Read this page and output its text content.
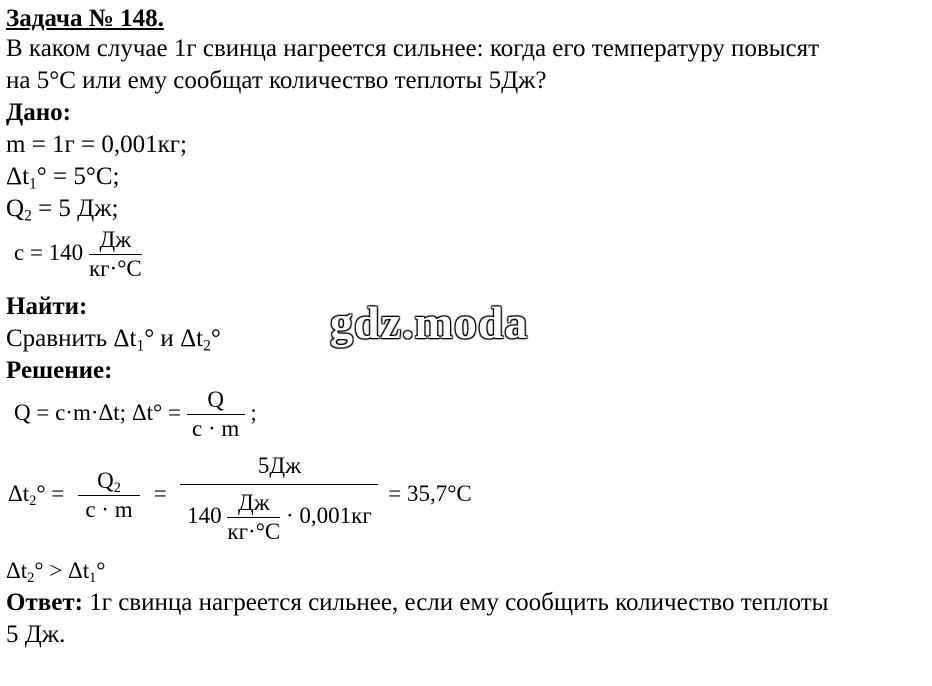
Задача № 148.
В каком случае 1г свинца нагреется сильнее: когда его температуру повысят
на 5°С или ему сообщат количество теплоты 5Дж?
Дано:
m = 1г = 0,001кг;
$\Delta t_1^\circ = 5^\circ С$;
$Q_2 = 5$ Дж;
$c = 140 \frac{Дж}{кг\cdot^\circ С}$
Найти:
Сравнить $\Delta t_1^\circ$ и $\Delta t_2^\circ$
Решение:
Q = c·m·Δt; $\Delta t^\circ = \frac{Q}{c \cdot m}$ ;
$\Delta t_2^\circ = \frac{Q_2}{c \cdot m}$ =
5Дж
$140 \frac{Дж}{кг\cdot^\circ С} \cdot 0,001кг$
= 35,7°С
$\Delta t_2^\circ > \Delta t_1^\circ$
Ответ: 1г свинца нагреется сильнее, если ему сообщить количество теплоты
5 Дж.
gdz.moda
